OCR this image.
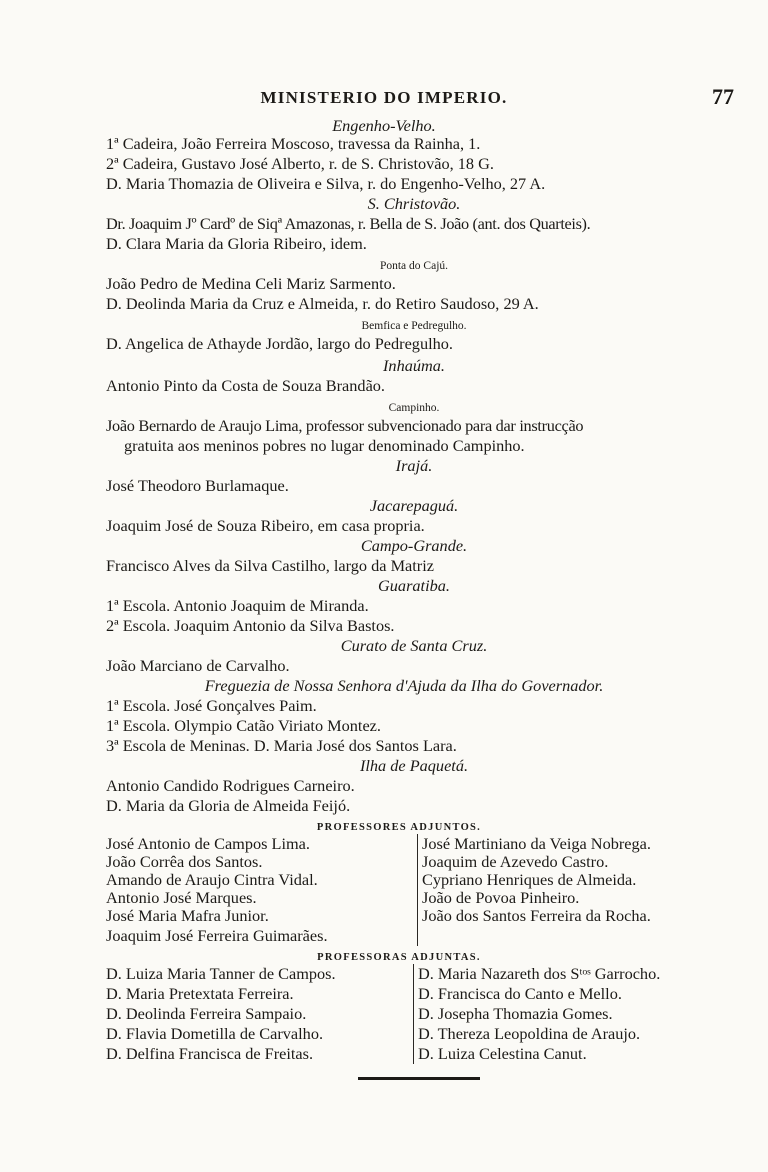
MINISTERIO DO IMPERIO.	77
Engenho-Velho.
1ª Cadeira, João Ferreira Moscoso, travessa da Rainha, 1.
2ª Cadeira, Gustavo José Alberto, r. de S. Christovão, 18 G.
D. Maria Thomazia de Oliveira e Silva, r. do Engenho-Velho, 27 A.
S. Christovão.
Dr. Joaquim Jº Cardº de Siqª Amazonas, r. Bella de S. João (ant. dos Quarteis).
D. Clara Maria da Gloria Ribeiro, idem.
Ponta do Cajú.
João Pedro de Medina Celi Mariz Sarmento.
D. Deolinda Maria da Cruz e Almeida, r. do Retiro Saudoso, 29 A.
Bemfica e Pedregulho.
D. Angelica de Athayde Jordão, largo do Pedregulho.
Inhaúma.
Antonio Pinto da Costa de Souza Brandão.
Campinho.
João Bernardo de Araujo Lima, professor subvencionado para dar instrucção
gratuita aos meninos pobres no lugar denominado Campinho.
Irajá.
José Theodoro Burlamaque.
Jacarepaguá.
Joaquim José de Souza Ribeiro, em casa propria.
Campo-Grande.
Francisco Alves da Silva Castilho, largo da Matriz
Guaratiba.
1ª Escola. Antonio Joaquim de Miranda.
2ª Escola. Joaquim Antonio da Silva Bastos.
Curato de Santa Cruz.
João Marciano de Carvalho.
Freguezia de Nossa Senhora d'Ajuda da Ilha do Governador.
1ª Escola. José Gonçalves Paim.
1ª Escola. Olympio Catão Viriato Montez.
3ª Escola de Meninas. D. Maria José dos Santos Lara.
Ilha de Paquetá.
Antonio Candido Rodrigues Carneiro.
D. Maria da Gloria de Almeida Feijó.
PROFESSORES ADJUNTOS.
José Antonio de Campos Lima.
João Corrêa dos Santos.
Amando de Araujo Cintra Vidal.
Antonio José Marques.
José Maria Mafra Junior.
Joaquim José Ferreira Guimarães.
José Martiniano da Veiga Nobrega.
Joaquim de Azevedo Castro.
Cypriano Henriques de Almeida.
João de Povoa Pinheiro.
João dos Santos Ferreira da Rocha.
PROFESSORAS ADJUNTAS.
D. Luiza Maria Tanner de Campos.
D. Maria Pretextata Ferreira.
D. Deolinda Ferreira Sampaio.
D. Flavia Dometilla de Carvalho.
D. Delfina Francisca de Freitas.
D. Maria Nazareth dos Sᵗᵒˢ Garrocho.
D. Francisca do Canto e Mello.
D. Josepha Thomazia Gomes.
D. Thereza Leopoldina de Araujo.
D. Luiza Celestina Canut.
